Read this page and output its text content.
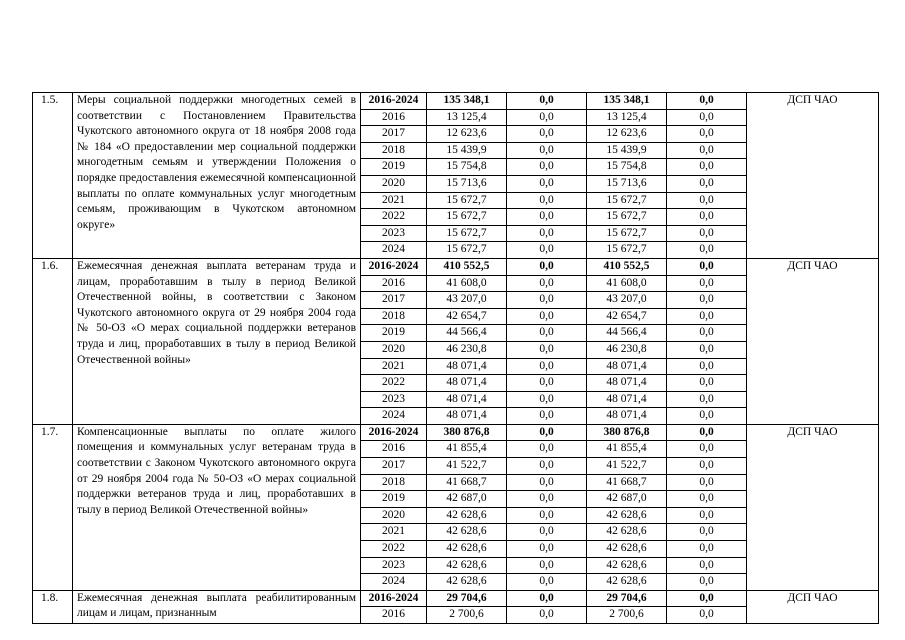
1.5.	Меры социальной поддержки многодетных семей в соответствии с Постановлением Правительства Чукотского автономного округа от 18 ноября 2008 года № 184 «О предоставлении мер социальной поддержки многодетным семьям и утверждении Положения о порядке предоставления ежемесячной компенсационной выплаты по оплате коммунальных услуг многодетным семьям, проживающим в Чукотском автономном округе»	2016-2024	135 348,1	0,0	135 348,1	0,0	ДСП ЧАО
		2016	13 125,4	0,0	13 125,4	0,0	
		2017	12 623,6	0,0	12 623,6	0,0	
		2018	15 439,9	0,0	15 439,9	0,0	
		2019	15 754,8	0,0	15 754,8	0,0	
		2020	15 713,6	0,0	15 713,6	0,0	
		2021	15 672,7	0,0	15 672,7	0,0	
		2022	15 672,7	0,0	15 672,7	0,0	
		2023	15 672,7	0,0	15 672,7	0,0	
		2024	15 672,7	0,0	15 672,7	0,0	
1.6.	Ежемесячная денежная выплата ветеранам труда и лицам, проработавшим в тылу в период Великой Отечественной войны, в соответствии с Законом Чукотского автономного округа от 29 ноября 2004 года № 50-ОЗ «О мерах социальной поддержки ветеранов труда и лиц, проработавших в тылу в период Великой Отечественной войны»	2016-2024	410 552,5	0,0	410 552,5	0,0	ДСП ЧАО
		2016	41 608,0	0,0	41 608,0	0,0	
		2017	43 207,0	0,0	43 207,0	0,0	
		2018	42 654,7	0,0	42 654,7	0,0	
		2019	44 566,4	0,0	44 566,4	0,0	
		2020	46 230,8	0,0	46 230,8	0,0	
		2021	48 071,4	0,0	48 071,4	0,0	
		2022	48 071,4	0,0	48 071,4	0,0	
		2023	48 071,4	0,0	48 071,4	0,0	
		2024	48 071,4	0,0	48 071,4	0,0	
1.7.	Компенсационные выплаты по оплате жилого помещения и коммунальных услуг ветеранам труда в соответствии с Законом Чукотского автономного округа от 29 ноября 2004 года № 50-ОЗ «О мерах социальной поддержки ветеранов труда и лиц, проработавших в тылу в период Великой Отечественной войны»	2016-2024	380 876,8	0,0	380 876,8	0,0	ДСП ЧАО
		2016	41 855,4	0,0	41 855,4	0,0	
		2017	41 522,7	0,0	41 522,7	0,0	
		2018	41 668,7	0,0	41 668,7	0,0	
		2019	42 687,0	0,0	42 687,0	0,0	
		2020	42 628,6	0,0	42 628,6	0,0	
		2021	42 628,6	0,0	42 628,6	0,0	
		2022	42 628,6	0,0	42 628,6	0,0	
		2023	42 628,6	0,0	42 628,6	0,0	
		2024	42 628,6	0,0	42 628,6	0,0	
1.8.	Ежемесячная денежная выплата реабилитированным лицам и лицам, признанным	2016-2024	29 704,6	0,0	29 704,6	0,0	ДСП ЧАО
		2016	2 700,6	0,0	2 700,6	0,0	
